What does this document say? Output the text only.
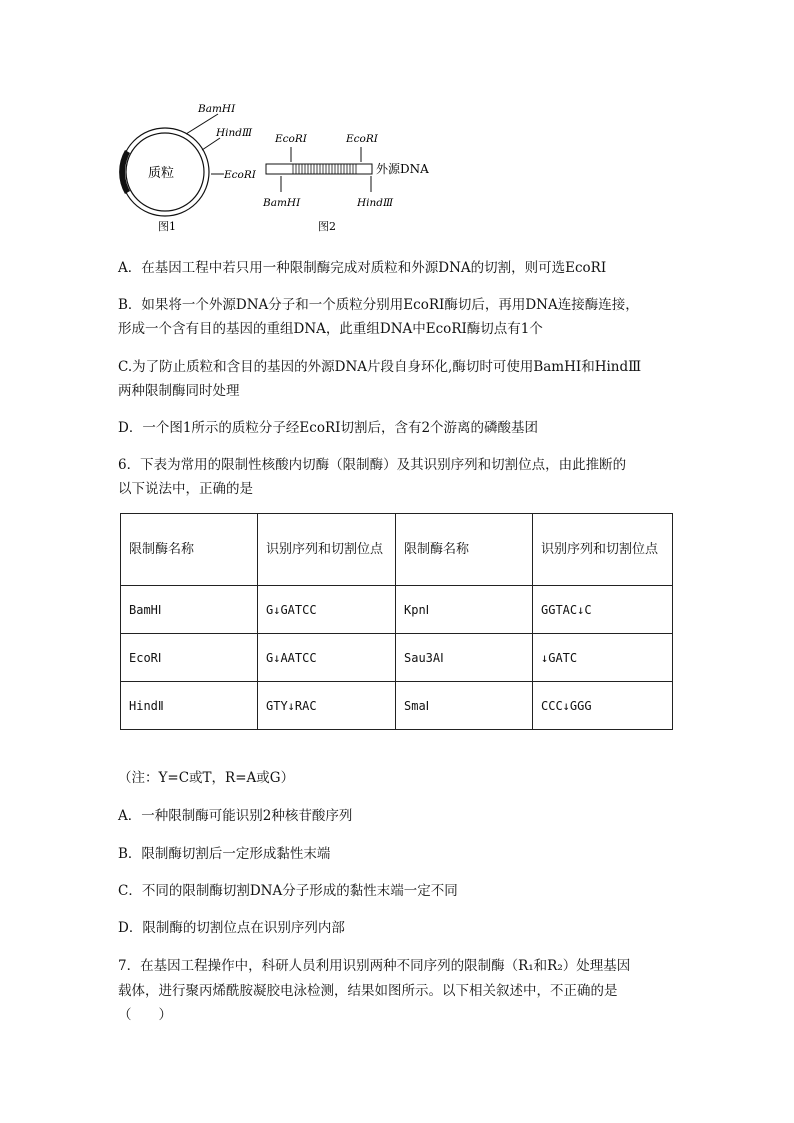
质粒
BamHⅠ
HindⅢ
EcoRⅠ
图1
EcoRⅠ	EcoRⅠ
BamHⅠ	HindⅢ
外源DNA
图2
A．在基因工程中若只用一种限制酶完成对质粒和外源DNA的切割，则可选EcoRⅠ
B．如果将一个外源DNA分子和一个质粒分别用EcoRⅠ酶切后，再用DNA连接酶连接，
形成一个含有目的基因的重组DNA，此重组DNA中EcoRⅠ酶切点有1个
C.为了防止质粒和含目的基因的外源DNA片段自身环化,酶切时可使用BamHⅠ和HindⅢ
两种限制酶同时处理
D．一个图1所示的质粒分子经EcoRⅠ切割后，含有2个游离的磷酸基团
6．下表为常用的限制性核酸内切酶（限制酶）及其识别序列和切割位点，由此推断的
以下说法中，正确的是
限制酶名称	识别序列和切割位点	限制酶名称	识别序列和切割位点
BamHⅠ	G↓GATCC	KpnⅠ	GGTAC↓C
EcoRⅠ	G↓AATCC	Sau3AⅠ	↓GATC
HindⅡ	GTY↓RAC	SmaⅠ	CCC↓GGG
（注：Y=C或T，R=A或G）
A．一种限制酶可能识别2种核苷酸序列
B．限制酶切割后一定形成黏性末端
C．不同的限制酶切割DNA分子形成的黏性末端一定不同
D．限制酶的切割位点在识别序列内部
7．在基因工程操作中，科研人员利用识别两种不同序列的限制酶（R₁和R₂）处理基因
载体，进行聚丙烯酰胺凝胶电泳检测，结果如图所示。以下相关叙述中，不正确的是
（　　）
